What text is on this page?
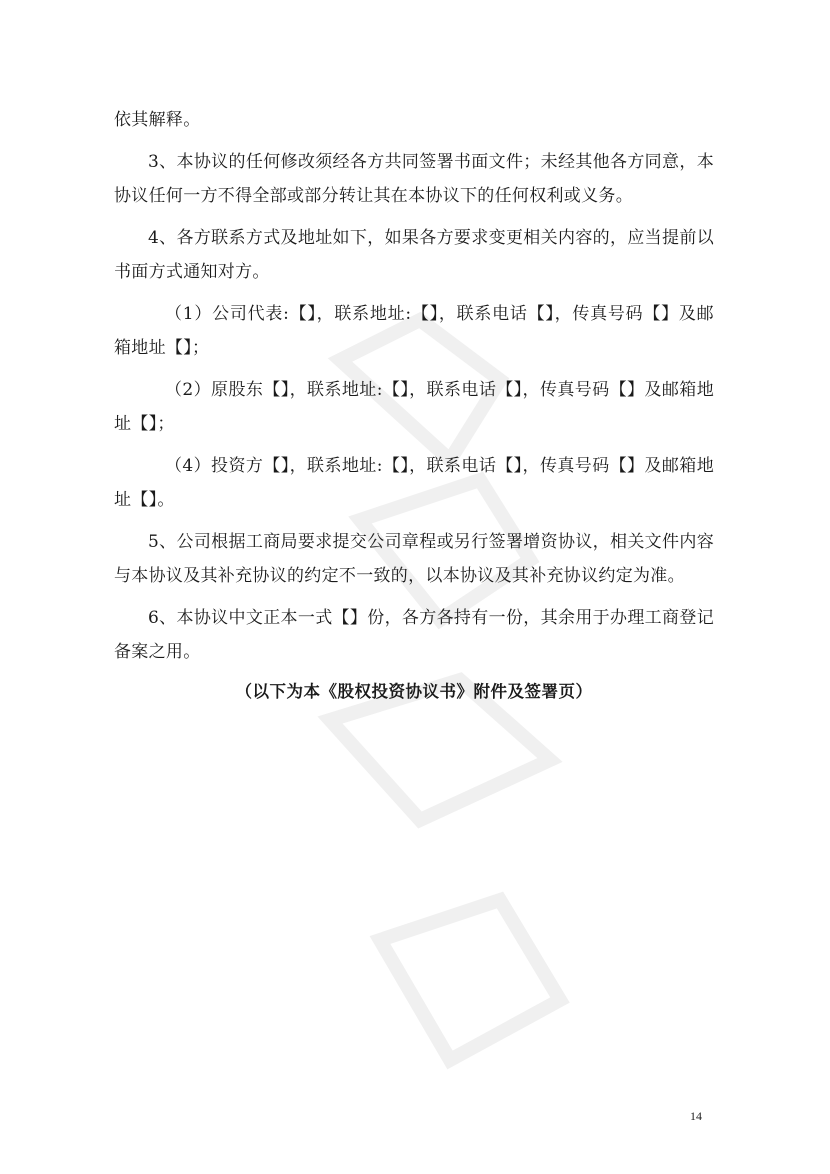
依其解释。

3、本协议的任何修改须经各方共同签署书面文件；未经其他各方同意，本协议任何一方不得全部或部分转让其在本协议下的任何权利或义务。

4、各方联系方式及地址如下，如果各方要求变更相关内容的，应当提前以书面方式通知对方。

（1）公司代表:【】，联系地址:【】，联系电话【】，传真号码【】及邮箱地址【】；

（2）原股东【】，联系地址:【】，联系电话【】，传真号码【】及邮箱地址【】；

（4）投资方【】，联系地址:【】，联系电话【】，传真号码【】及邮箱地址【】。

5、公司根据工商局要求提交公司章程或另行签署增资协议，相关文件内容与本协议及其补充协议的约定不一致的，以本协议及其补充协议约定为准。

6、本协议中文正本一式【】份，各方各持有一份，其余用于办理工商登记备案之用。

（以下为本《股权投资协议书》附件及签署页）
14
